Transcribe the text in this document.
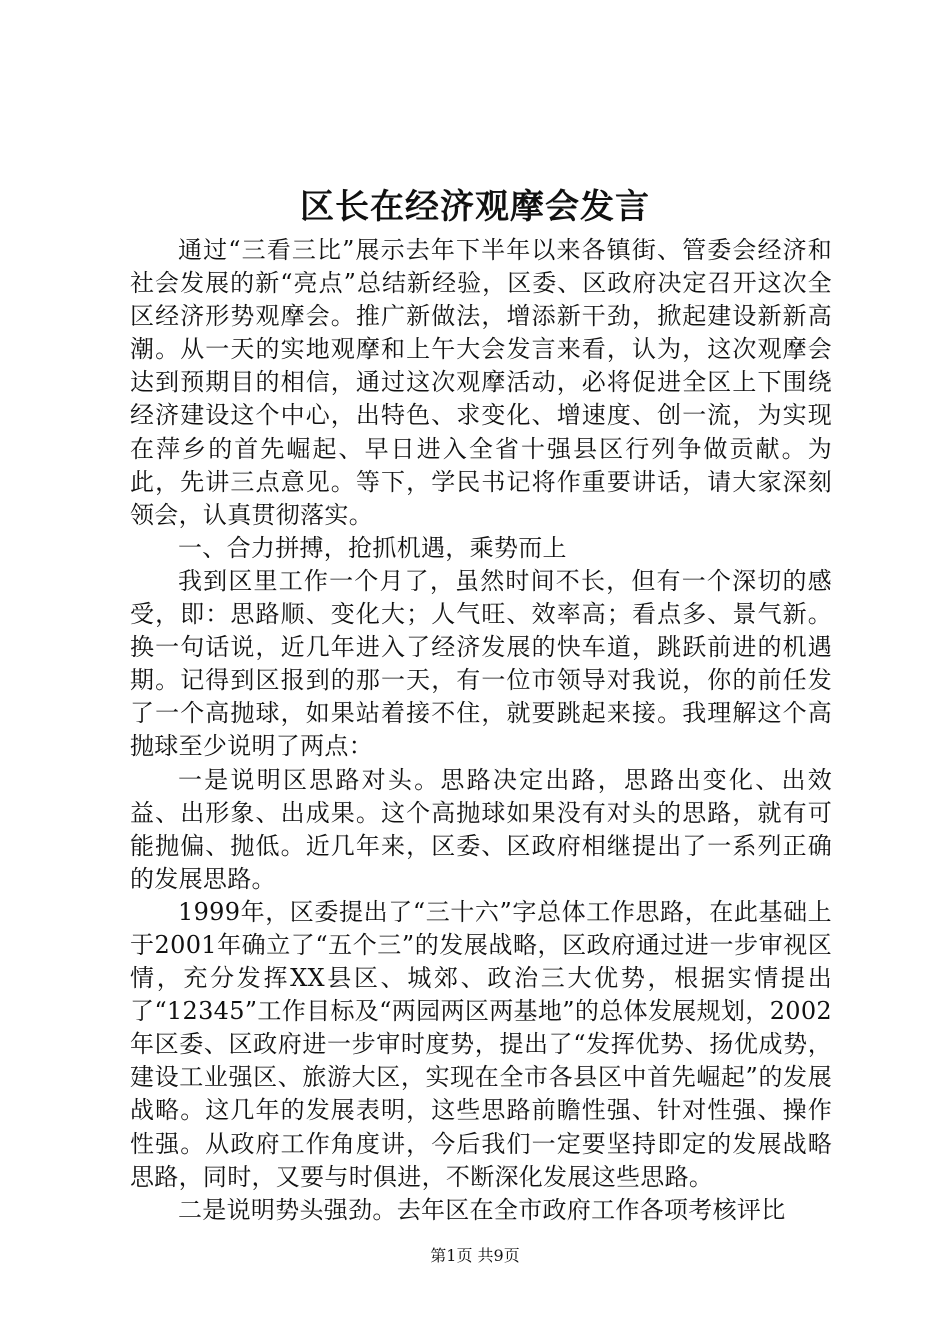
区长在经济观摩会发言

通过“三看三比”展示去年下半年以来各镇街、管委会经济和社会发展的新“亮点”总结新经验，区委、区政府决定召开这次全区经济形势观摩会。推广新做法，增添新干劲，掀起建设新新高潮。从一天的实地观摩和上午大会发言来看，认为，这次观摩会达到预期目的相信，通过这次观摩活动，必将促进全区上下围绕经济建设这个中心，出特色、求变化、增速度、创一流，为实现在萍乡的首先崛起、早日进入全省十强县区行列争做贡献。为此，先讲三点意见。等下，学民书记将作重要讲话，请大家深刻领会，认真贯彻落实。

一、合力拼搏，抢抓机遇，乘势而上

我到区里工作一个月了，虽然时间不长，但有一个深切的感受，即：思路顺、变化大；人气旺、效率高；看点多、景气新。换一句话说，近几年进入了经济发展的快车道，跳跃前进的机遇期。记得到区报到的那一天，有一位市领导对我说，你的前任发了一个高抛球，如果站着接不住，就要跳起来接。我理解这个高抛球至少说明了两点：

一是说明区思路对头。思路决定出路，思路出变化、出效益、出形象、出成果。这个高抛球如果没有对头的思路，就有可能抛偏、抛低。近几年来，区委、区政府相继提出了一系列正确的发展思路。

1999年，区委提出了“三十六”字总体工作思路，在此基础上于2001年确立了“五个三”的发展战略，区政府通过进一步审视区情，充分发挥XX县区、城郊、政治三大优势，根据实情提出了“12345”工作目标及“两园两区两基地”的总体发展规划，2002年区委、区政府进一步审时度势，提出了“发挥优势、扬优成势，建设工业强区、旅游大区，实现在全市各县区中首先崛起”的发展战略。这几年的发展表明，这些思路前瞻性强、针对性强、操作性强。从政府工作角度讲，今后我们一定要坚持即定的发展战略思路，同时，又要与时俱进，不断深化发展这些思路。

二是说明势头强劲。去年区在全市政府工作各项考核评比

第1页 共9页
